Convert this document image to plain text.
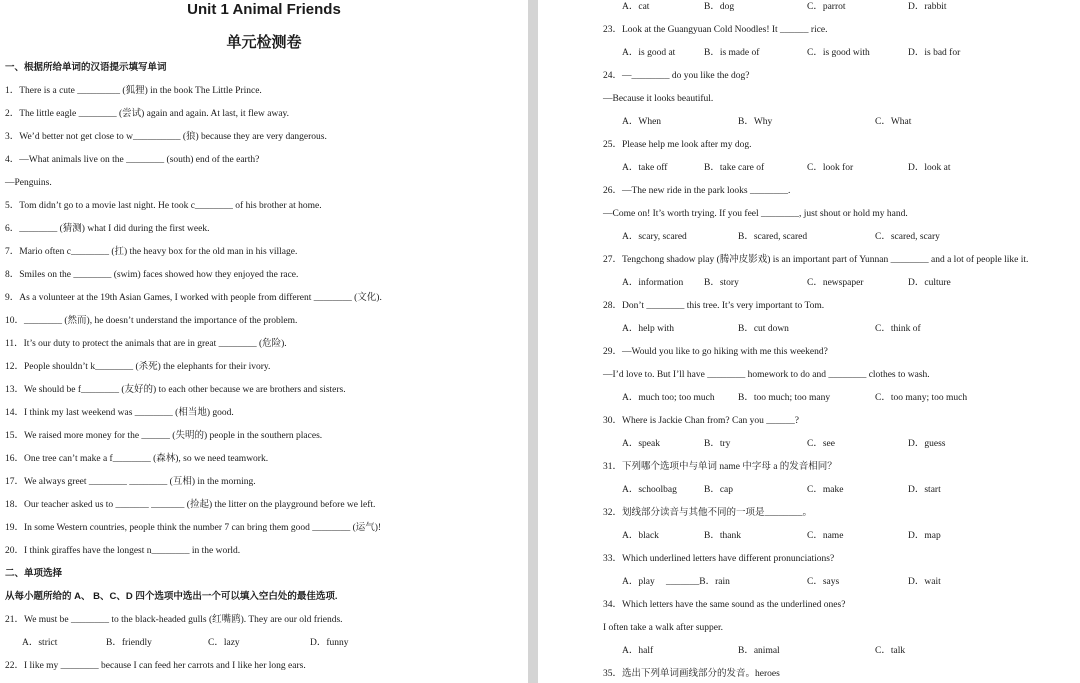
Unit 1 Animal Friends
单元检测卷
一、根据所给单词的汉语提示填写单词
1．There is a cute _________ (狐狸) in the book The Little Prince.
2．The little eagle ________ (尝试) again and again. At last, it flew away.
3．We’d better not get close to w__________ (狼) because they are very dangerous.
4．—What animals live on the ________ (south) end of the earth?
—Penguins.
5．Tom didn’t go to a movie last night. He took c________ of his brother at home.
6．________ (猜测) what I did during the first week.
7．Mario often c________ (扛) the heavy box for the old man in his village.
8．Smiles on the ________ (swim) faces showed how they enjoyed the race.
9．As a volunteer at the 19th Asian Games, I worked with people from different ________ (文化).
10．________ (然而), he doesn’t understand the importance of the problem.
11．It’s our duty to protect the animals that are in great ________ (危险).
12．People shouldn’t k________ (杀死) the elephants for their ivory.
13．We should be f________ (友好的) to each other because we are brothers and sisters.
14．I think my last weekend was ________ (相当地) good.
15．We raised more money for the ______ (失明的) people in the southern places.
16．One tree can’t make a f________ (森林), so we need teamwork.
17．We always greet ________ ________ (互相) in the morning.
18．Our teacher asked us to _______ _______ (捡起) the litter on the playground before we left.
19．In some Western countries, people think the number 7 can bring them good ________ (运气)!
20．I think giraffes have the longest n________ in the world.
二、单项选择
从每小题所给的 A、 B、C、D 四个选项中选出一个可以填入空白处的最佳选项.
21．We must be ________ to the black-headed gulls (红嘴鸥). They are our old friends.
A．strict	B．friendly	C．lazy	D．funny
22．I like my ________ because I can feed her carrots and I like her long ears.
A．cat	B．dog	C．parrot	D．rabbit
23．Look at the Guangyuan Cold Noodles! It ______ rice.
A．is good at	B．is made of	C．is good with	D．is bad for
24．—________ do you like the dog?
—Because it looks beautiful.
A．When	B．Why	C．What
25．Please help me look after my dog.
A．take off	B．take care of	C．look for	D．look at
26．—The new ride in the park looks ________.
—Come on! It’s worth trying. If you feel ________, just shout or hold my hand.
A．scary, scared	B．scared, scared	C．scared, scary
27．Tengchong shadow play (腾冲皮影戏) is an important part of Yunnan ________ and a lot of people like it.
A．information B．story	C．newspaper	D．culture
28．Don’t ________ this tree. It’s very important to Tom.
A．help with	B．cut down	C．think of
29．—Would you like to go hiking with me this weekend?
—I’d love to. But I’ll have ________ homework to do and ________ clothes to wash.
A．much too; too much B．too much; too many	C．too many; too much
30．Where is Jackie Chan from? Can you ______?
A．speak	B．try	C．see	D．guess
31．下列哪个选项中与单词 name 中字母 a 的发音相同？
A．schoolbag	B．cap	C．make	D．start
32．划线部分读音与其他不同的一项是________。
A．black	B．thank	C．name	D．map
33．Which underlined letters have different pronunciations?
A．play _______B．rain	C．says	D．wait
34．Which letters have the same sound as the underlined ones?
I often take a walk after supper.
A．half	B．animal	C．talk
35．选出下列单词画线部分的发音。heroes
